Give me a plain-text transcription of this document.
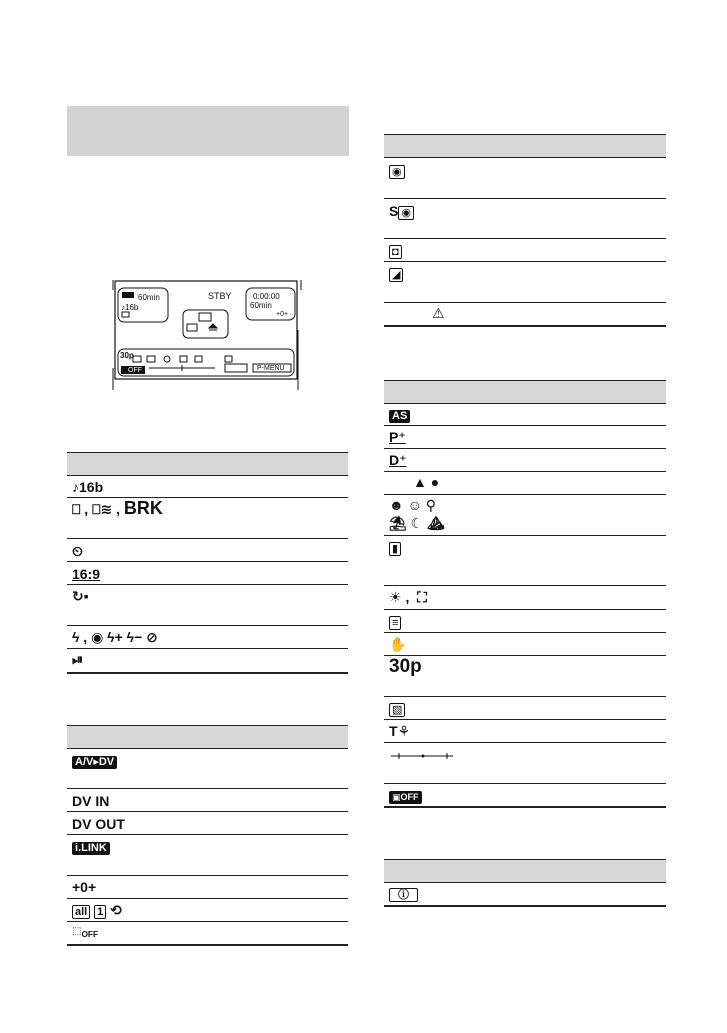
60min
♪16b
STBY	0:00:00
60min
+0+
30p
OFF	P-MENU
♪16b
⎕ , ⎕≋ , BRK
⏲
16:9
↻▪
ϟ , ◉ ϟ+ ϟ− ⊘
⏯
A/V▸DV
DV IN
DV OUT
i.LINK
+0+
all 1 ⟲
$⬚_{OFF}$
◉
S ◉
◘
◢
⚠
AS
P⁺
D⁺
▲ ●
☻ ☺ ⚲
⛱ ☾ ⛰
▮
☀ ,  ⛶
≡
✋
30p
▧
T⚘
▣OFF
ⓘ
